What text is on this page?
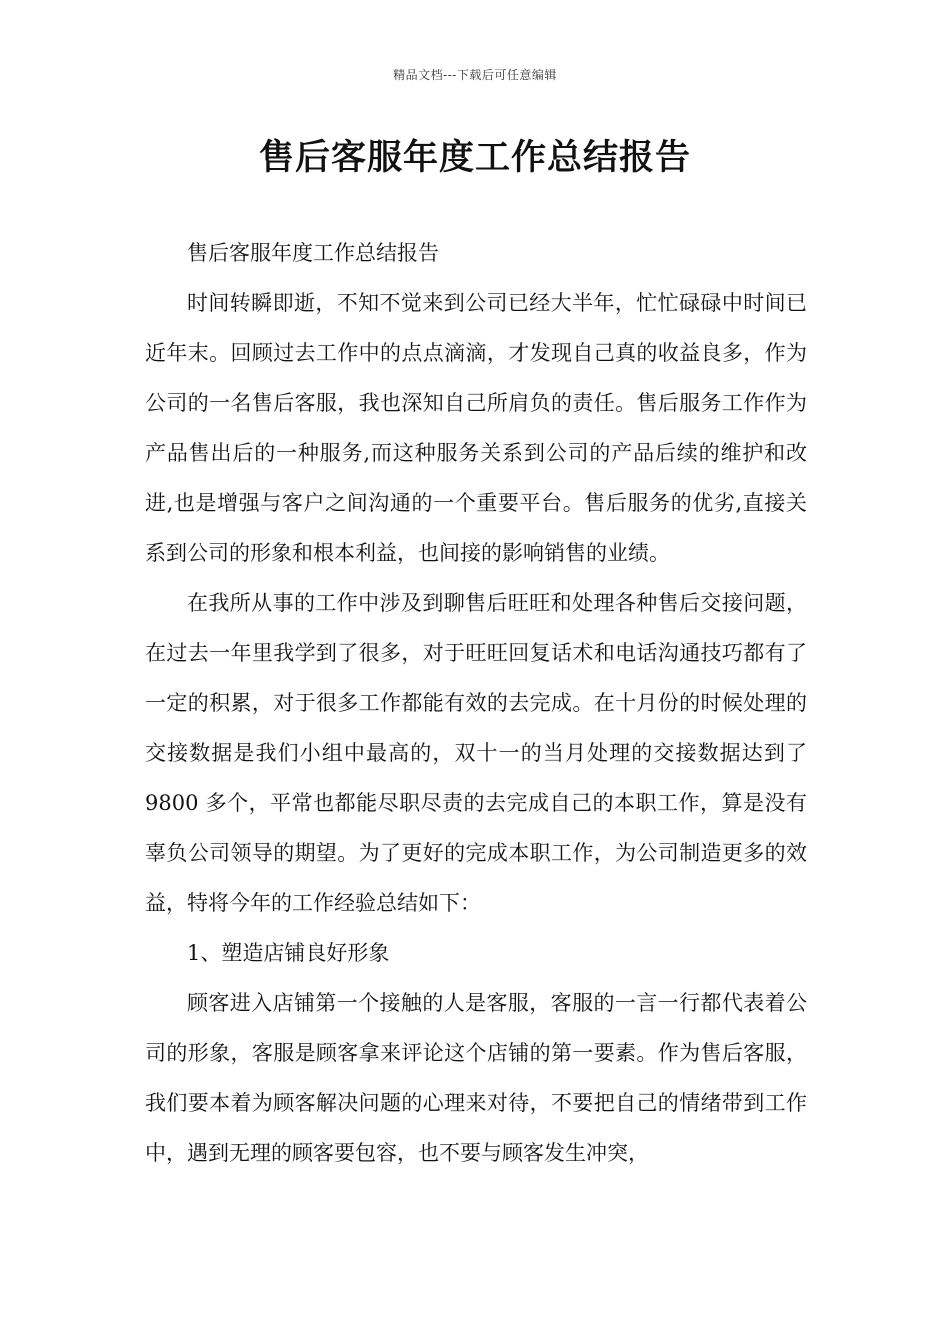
精品文档---下载后可任意编辑
售后客服年度工作总结报告

售后客服年度工作总结报告

时间转瞬即逝，不知不觉来到公司已经大半年，忙忙碌碌中时间已近年末。回顾过去工作中的点点滴滴，才发现自己真的收益良多，作为公司的一名售后客服，我也深知自己所肩负的责任。售后服务工作作为产品售出后的一种服务,而这种服务关系到公司的产品后续的维护和改进,也是增强与客户之间沟通的一个重要平台。售后服务的优劣,直接关系到公司的形象和根本利益，也间接的影响销售的业绩。

在我所从事的工作中涉及到聊售后旺旺和处理各种售后交接问题，在过去一年里我学到了很多，对于旺旺回复话术和电话沟通技巧都有了一定的积累，对于很多工作都能有效的去完成。在十月份的时候处理的交接数据是我们小组中最高的，双十一的当月处理的交接数据达到了 9800 多个，平常也都能尽职尽责的去完成自己的本职工作，算是没有辜负公司领导的期望。为了更好的完成本职工作，为公司制造更多的效益，特将今年的工作经验总结如下：

1、塑造店铺良好形象

顾客进入店铺第一个接触的人是客服，客服的一言一行都代表着公司的形象，客服是顾客拿来评论这个店铺的第一要素。作为售后客服，我们要本着为顾客解决问题的心理来对待，不要把自己的情绪带到工作中，遇到无理的顾客要包容，也不要与顾客发生冲突，
